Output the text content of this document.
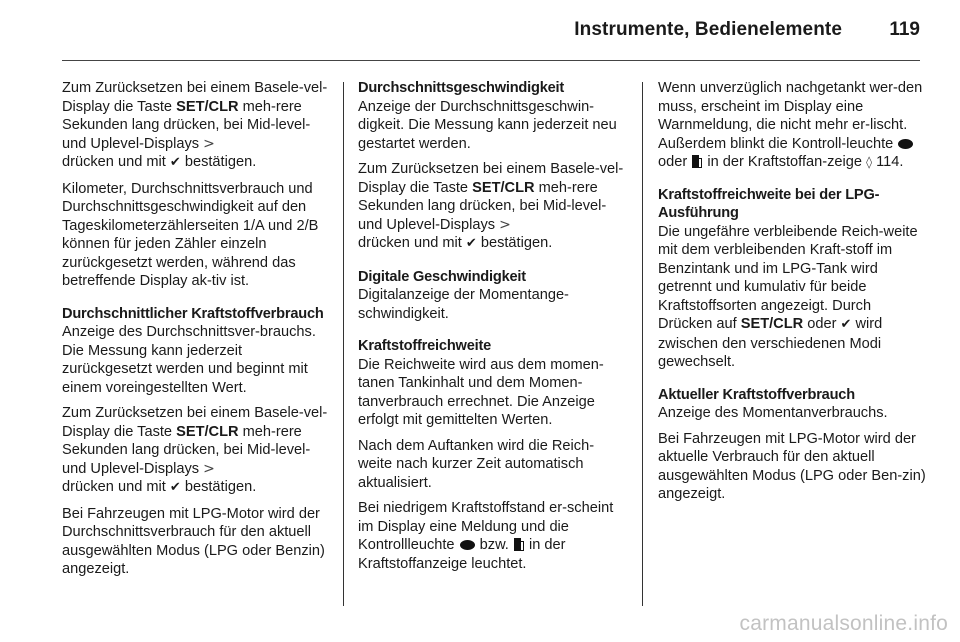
Instrumente, Bedienelemente 119

Zum Zurücksetzen bei einem Basele-vel-Display die Taste SET/CLR meh-rere Sekunden lang drücken, bei Mid-level- und Uplevel-Displays >
drücken und mit ✔ bestätigen.

Kilometer, Durchschnittsverbrauch und Durchschnittsgeschwindigkeit auf den Tageskilometerzählerseiten 1/A und 2/B können für jeden Zähler einzeln zurückgesetzt werden, während das betreffende Display ak-tiv ist.

Durchschnittlicher Kraftstoffverbrauch

Anzeige des Durchschnittsver-brauchs. Die Messung kann jederzeit zurückgesetzt werden und beginnt mit einem voreingestellten Wert.

Zum Zurücksetzen bei einem Basele-vel-Display die Taste SET/CLR meh-rere Sekunden lang drücken, bei Mid-level- und Uplevel-Displays >
drücken und mit ✔ bestätigen.

Bei Fahrzeugen mit LPG-Motor wird der Durchschnittsverbrauch für den aktuell ausgewählten Modus (LPG oder Benzin) angezeigt.

Durchschnittsgeschwindigkeit

Anzeige der Durchschnittsgeschwin-digkeit. Die Messung kann jederzeit neu gestartet werden.

Zum Zurücksetzen bei einem Basele-vel-Display die Taste SET/CLR meh-rere Sekunden lang drücken, bei Mid-level- und Uplevel-Displays >
drücken und mit ✔ bestätigen.

Digitale Geschwindigkeit

Digitalanzeige der Momentange-schwindigkeit.

Kraftstoffreichweite

Die Reichweite wird aus dem momen-tanen Tankinhalt und dem Momen-tanverbrauch errechnet. Die Anzeige erfolgt mit gemittelten Werten.

Nach dem Auftanken wird die Reich-weite nach kurzer Zeit automatisch aktualisiert.

Bei niedrigem Kraftstoffstand er-scheint im Display eine Meldung und die Kontrollleuchte  bzw.  in der Kraftstoffanzeige leuchtet.

Wenn unverzüglich nachgetankt wer-den muss, erscheint im Display eine Warnmeldung, die nicht mehr er-lischt. Außerdem blinkt die Kontroll-leuchte  oder  in der Kraftstoffan-zeige ◊ 114.

Kraftstoffreichweite bei der LPG-Ausführung

Die ungefähre verbleibende Reich-weite mit dem verbleibenden Kraft-stoff im Benzintank und im LPG-Tank wird getrennt und kumulativ für beide Kraftstoffsorten angezeigt. Durch Drücken auf SET/CLR oder ✔ wird zwischen den verschiedenen Modi gewechselt.

Aktueller Kraftstoffverbrauch

Anzeige des Momentanverbrauchs.

Bei Fahrzeugen mit LPG-Motor wird der aktuelle Verbrauch für den aktuell ausgewählten Modus (LPG oder Ben-zin) angezeigt.

carmanualsonline.info
